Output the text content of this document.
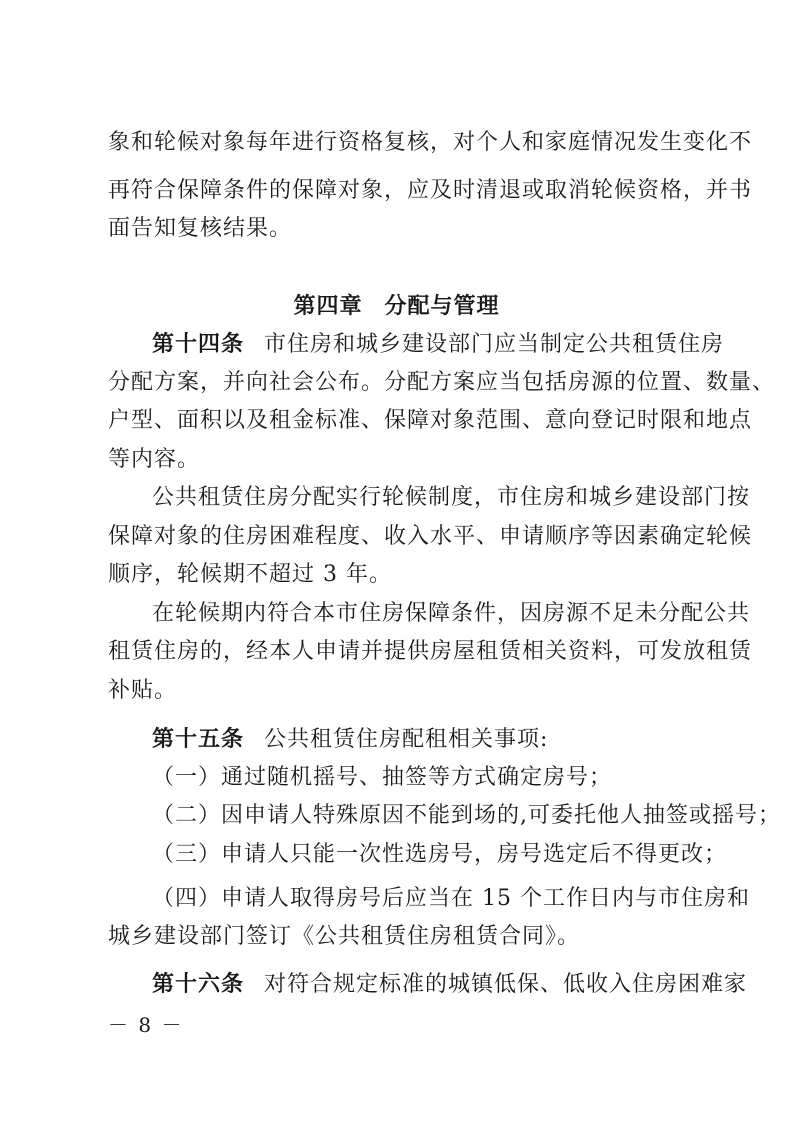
象和轮候对象每年进行资格复核，对个人和家庭情况发生变化不
再符合保障条件的保障对象，应及时清退或取消轮候资格，并书
面告知复核结果。
第四章 分配与管理
第十四条 市住房和城乡建设部门应当制定公共租赁住房
分配方案，并向社会公布。分配方案应当包括房源的位置、数量、
户型、面积以及租金标准、保障对象范围、意向登记时限和地点
等内容。
公共租赁住房分配实行轮候制度，市住房和城乡建设部门按
保障对象的住房困难程度、收入水平、申请顺序等因素确定轮候
顺序，轮候期不超过 3 年。
在轮候期内符合本市住房保障条件，因房源不足未分配公共
租赁住房的，经本人申请并提供房屋租赁相关资料，可发放租赁
补贴。
第十五条 公共租赁住房配租相关事项:
（一）通过随机摇号、抽签等方式确定房号；
（二）因申请人特殊原因不能到场的,可委托他人抽签或摇号；
（三）申请人只能一次性选房号，房号选定后不得更改；
（四）申请人取得房号后应当在 15 个工作日内与市住房和
城乡建设部门签订《公共租赁住房租赁合同》。
第十六条 对符合规定标准的城镇低保、低收入住房困难家
－ 8 －
